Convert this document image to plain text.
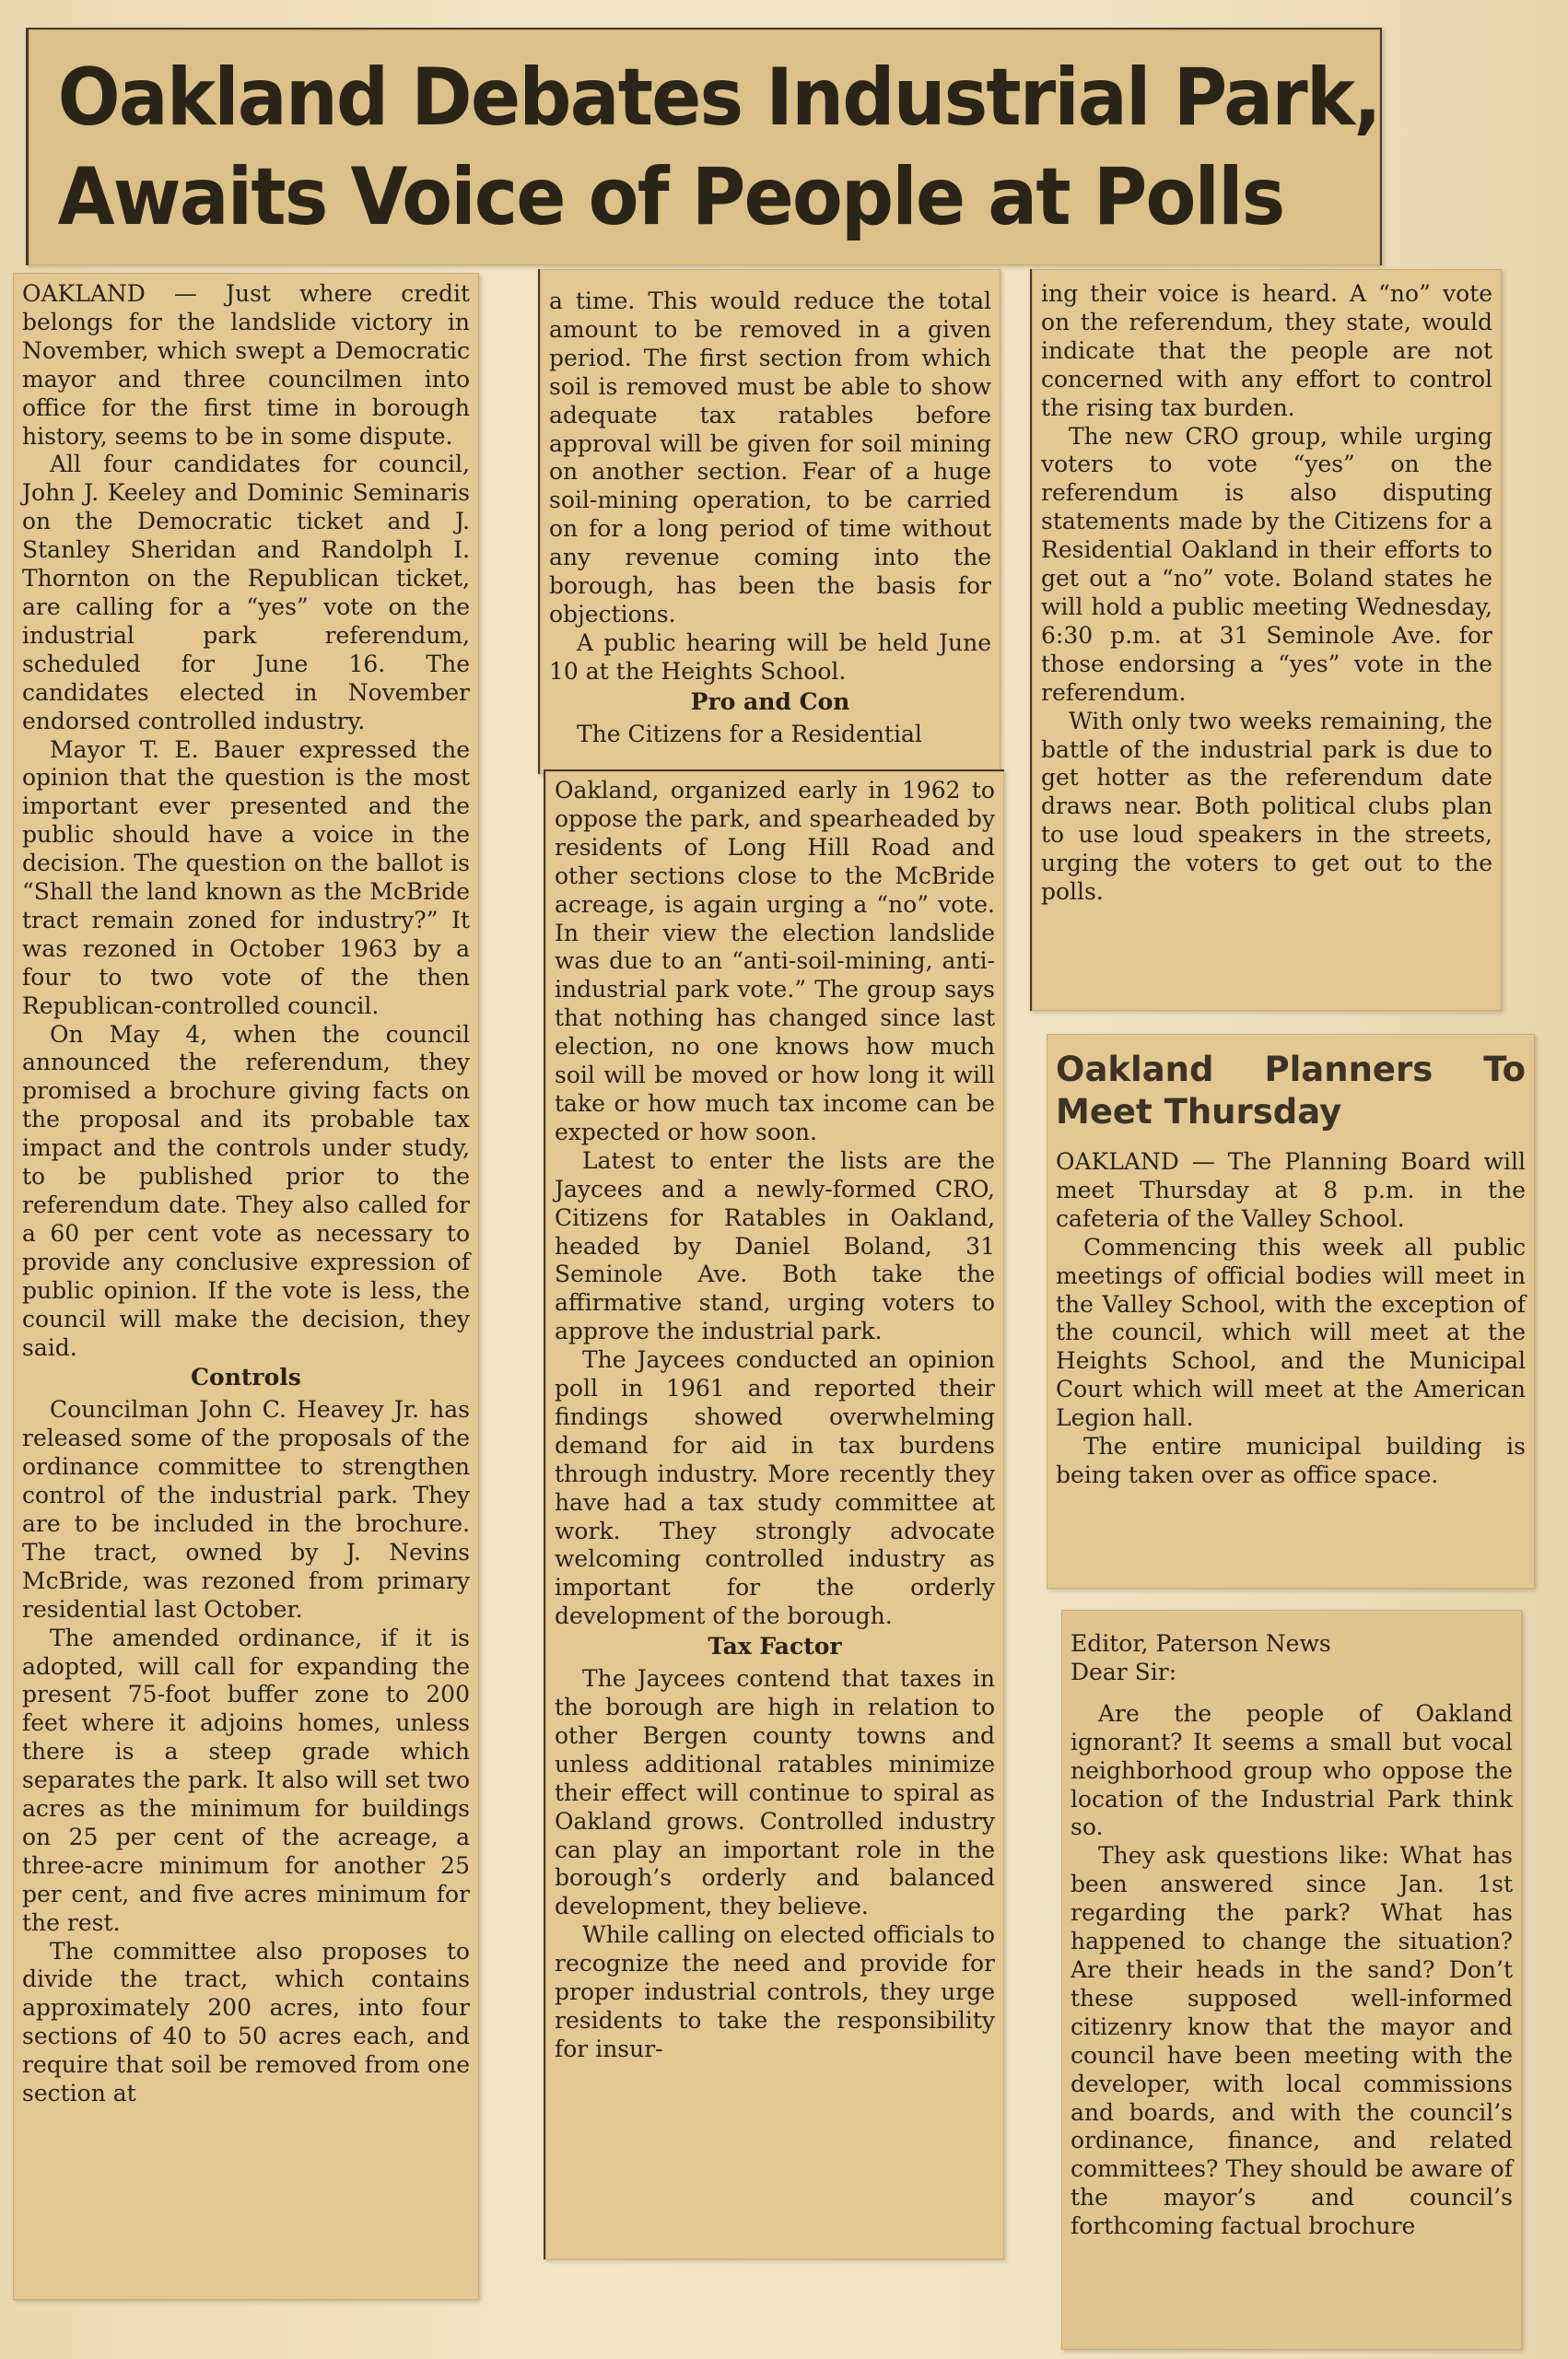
Oakland Debates Industrial Park,
Awaits Voice of People at Polls

OAKLAND — Just where credit belongs for the landslide victory in November, which swept a Democratic mayor and three councilmen into office for the first time in borough history, seems to be in some dispute.

All four candidates for council, John J. Keeley and Dominic Seminaris on the Democratic ticket and J. Stanley Sheridan and Randolph I. Thornton on the Republican ticket, are calling for a “yes” vote on the industrial park referendum, scheduled for June 16. The candidates elected in November endorsed controlled industry.

Mayor T. E. Bauer expressed the opinion that the question is the most important ever presented and the public should have a voice in the decision. The question on the ballot is “Shall the land known as the McBride tract remain zoned for industry?” It was rezoned in October 1963 by a four to two vote of the then Republican-controlled council.

On May 4, when the council announced the referendum, they promised a brochure giving facts on the proposal and its probable tax impact and the controls under study, to be published prior to the referendum date. They also called for a 60 per cent vote as necessary to provide any conclusive expression of public opinion. If the vote is less, the council will make the decision, they said.

Controls

Councilman John C. Heavey Jr. has released some of the proposals of the ordinance committee to strengthen control of the industrial park. They are to be included in the brochure. The tract, owned by J. Nevins McBride, was rezoned from primary residential last October.

The amended ordinance, if it is adopted, will call for expanding the present 75-foot buffer zone to 200 feet where it adjoins homes, unless there is a steep grade which separates the park. It also will set two acres as the minimum for buildings on 25 per cent of the acreage, a three-acre minimum for another 25 per cent, and five acres minimum for the rest.

The committee also proposes to divide the tract, which contains approximately 200 acres, into four sections of 40 to 50 acres each, and require that soil be removed from one section at

a time. This would reduce the total amount to be removed in a given period. The first section from which soil is removed must be able to show adequate tax ratables before approval will be given for soil mining on another section. Fear of a huge soil-mining operation, to be carried on for a long period of time without any revenue coming into the borough, has been the basis for objections.

A public hearing will be held June 10 at the Heights School.

Pro and Con

The Citizens for a Residential

Oakland, organized early in 1962 to oppose the park, and spearheaded by residents of Long Hill Road and other sections close to the McBride acreage, is again urging a “no” vote. In their view the election landslide was due to an “anti-soil-mining, anti-industrial park vote.” The group says that nothing has changed since last election, no one knows how much soil will be moved or how long it will take or how much tax income can be expected or how soon.

Latest to enter the lists are the Jaycees and a newly-formed CRO, Citizens for Ratables in Oakland, headed by Daniel Boland, 31 Seminole Ave. Both take the affirmative stand, urging voters to approve the industrial park.

The Jaycees conducted an opinion poll in 1961 and reported their findings showed overwhelming demand for aid in tax burdens through industry. More recently they have had a tax study committee at work. They strongly advocate welcoming controlled industry as important for the orderly development of the borough.

Tax Factor

The Jaycees contend that taxes in the borough are high in relation to other Bergen county towns and unless additional ratables minimize their effect will continue to spiral as Oakland grows. Controlled industry can play an important role in the borough’s orderly and balanced development, they believe.

While calling on elected officials to recognize the need and provide for proper industrial controls, they urge residents to take the responsibility for insur-

ing their voice is heard. A “no” vote on the referendum, they state, would indicate that the people are not concerned with any effort to control the rising tax burden.

The new CRO group, while urging voters to vote “yes” on the referendum is also disputing statements made by the Citizens for a Residential Oakland in their efforts to get out a “no” vote. Boland states he will hold a public meeting Wednesday, 6:30 p.m. at 31 Seminole Ave. for those endorsing a “yes” vote in the referendum.

With only two weeks remaining, the battle of the industrial park is due to get hotter as the referendum date draws near. Both political clubs plan to use loud speakers in the streets, urging the voters to get out to the polls.

Oakland Planners To Meet Thursday

OAKLAND — The Planning Board will meet Thursday at 8 p.m. in the cafeteria of the Valley School.

Commencing this week all public meetings of official bodies will meet in the Valley School, with the exception of the council, which will meet at the Heights School, and the Municipal Court which will meet at the American Legion hall.

The entire municipal building is being taken over as office space.

Editor, Paterson News

Dear Sir:

Are the people of Oakland ignorant? It seems a small but vocal neighborhood group who oppose the location of the Industrial Park think so.

They ask questions like: What has been answered since Jan. 1st regarding the park? What has happened to change the situation? Are their heads in the sand? Don’t these supposed well-informed citizenry know that the mayor and council have been meeting with the developer, with local commissions and boards, and with the council’s ordinance, finance, and related committees? They should be aware of the mayor’s and council’s forthcoming factual brochure
